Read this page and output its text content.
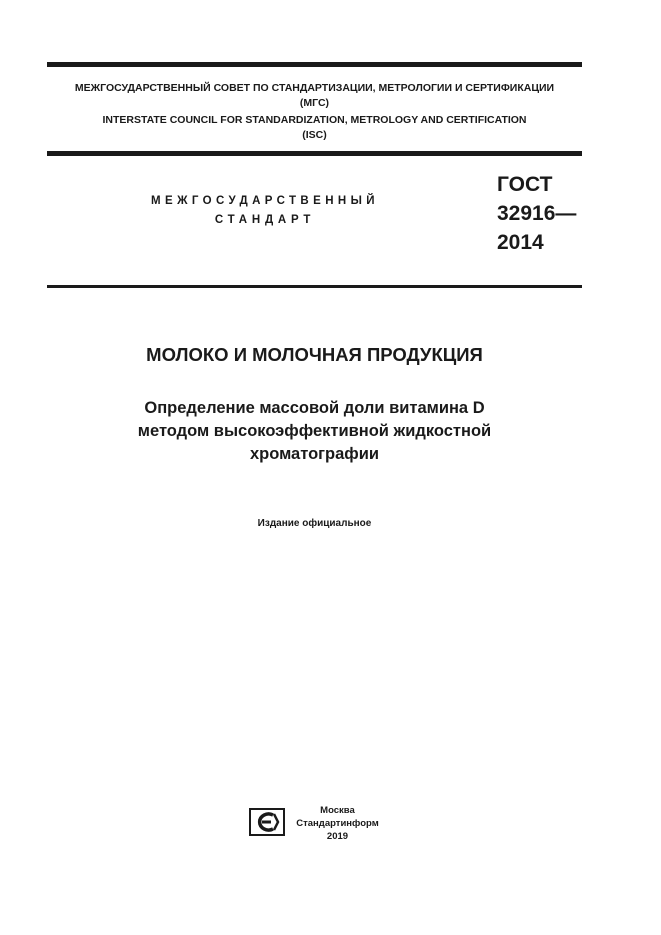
МЕЖГОСУДАРСТВЕННЫЙ СОВЕТ ПО СТАНДАРТИЗАЦИИ, МЕТРОЛОГИИ И СЕРТИФИКАЦИИ
(МГС)
INTERSTATE COUNCIL FOR STANDARDIZATION, METROLOGY AND CERTIFICATION
(ISC)
МЕЖГОСУДАРСТВЕННЫЙ
СТАНДАРТ
ГОСТ
32916—
2014
МОЛОКО И МОЛОЧНАЯ ПРОДУКЦИЯ
Определение массовой доли витамина D
методом высокоэффективной жидкостной
хроматографии
Издание официальное
Москва
Стандартинформ
2019
